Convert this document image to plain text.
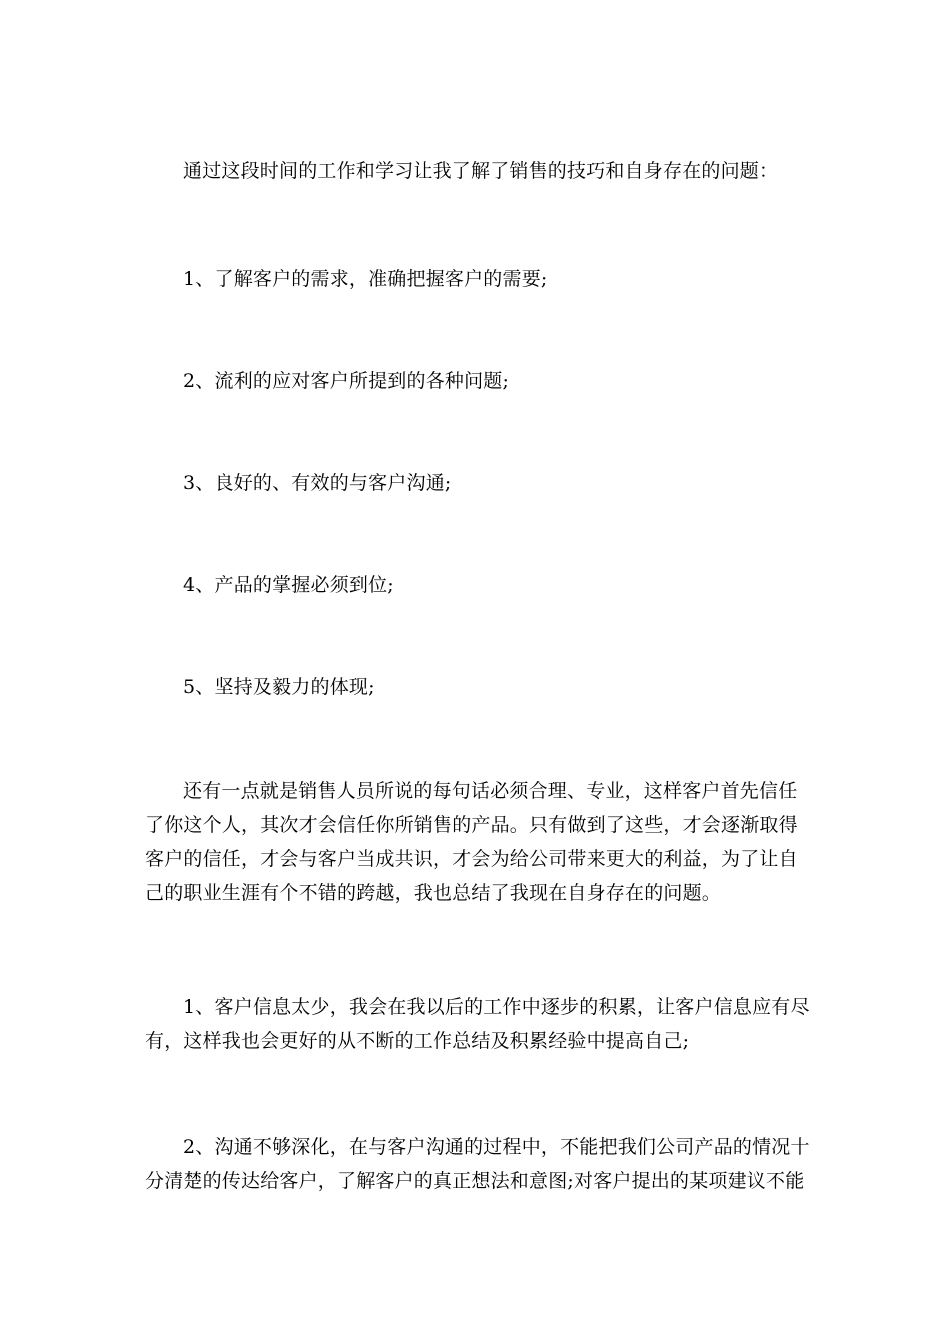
通过这段时间的工作和学习让我了解了销售的技巧和自身存在的问题：

1、了解客户的需求，准确把握客户的需要;

2、流利的应对客户所提到的各种问题;

3、良好的、有效的与客户沟通;

4、产品的掌握必须到位;

5、坚持及毅力的体现;

还有一点就是销售人员所说的每句话必须合理、专业，这样客户首先信任了你这个人，其次才会信任你所销售的产品。只有做到了这些，才会逐渐取得客户的信任，才会与客户当成共识，才会为给公司带来更大的利益，为了让自己的职业生涯有个不错的跨越，我也总结了我现在自身存在的问题。

1、客户信息太少，我会在我以后的工作中逐步的积累，让客户信息应有尽有，这样我也会更好的从不断的工作总结及积累经验中提高自己;

2、沟通不够深化，在与客户沟通的过程中，不能把我们公司产品的情况十分清楚的传达给客户，了解客户的真正想法和意图;对客户提出的某项建议不能
